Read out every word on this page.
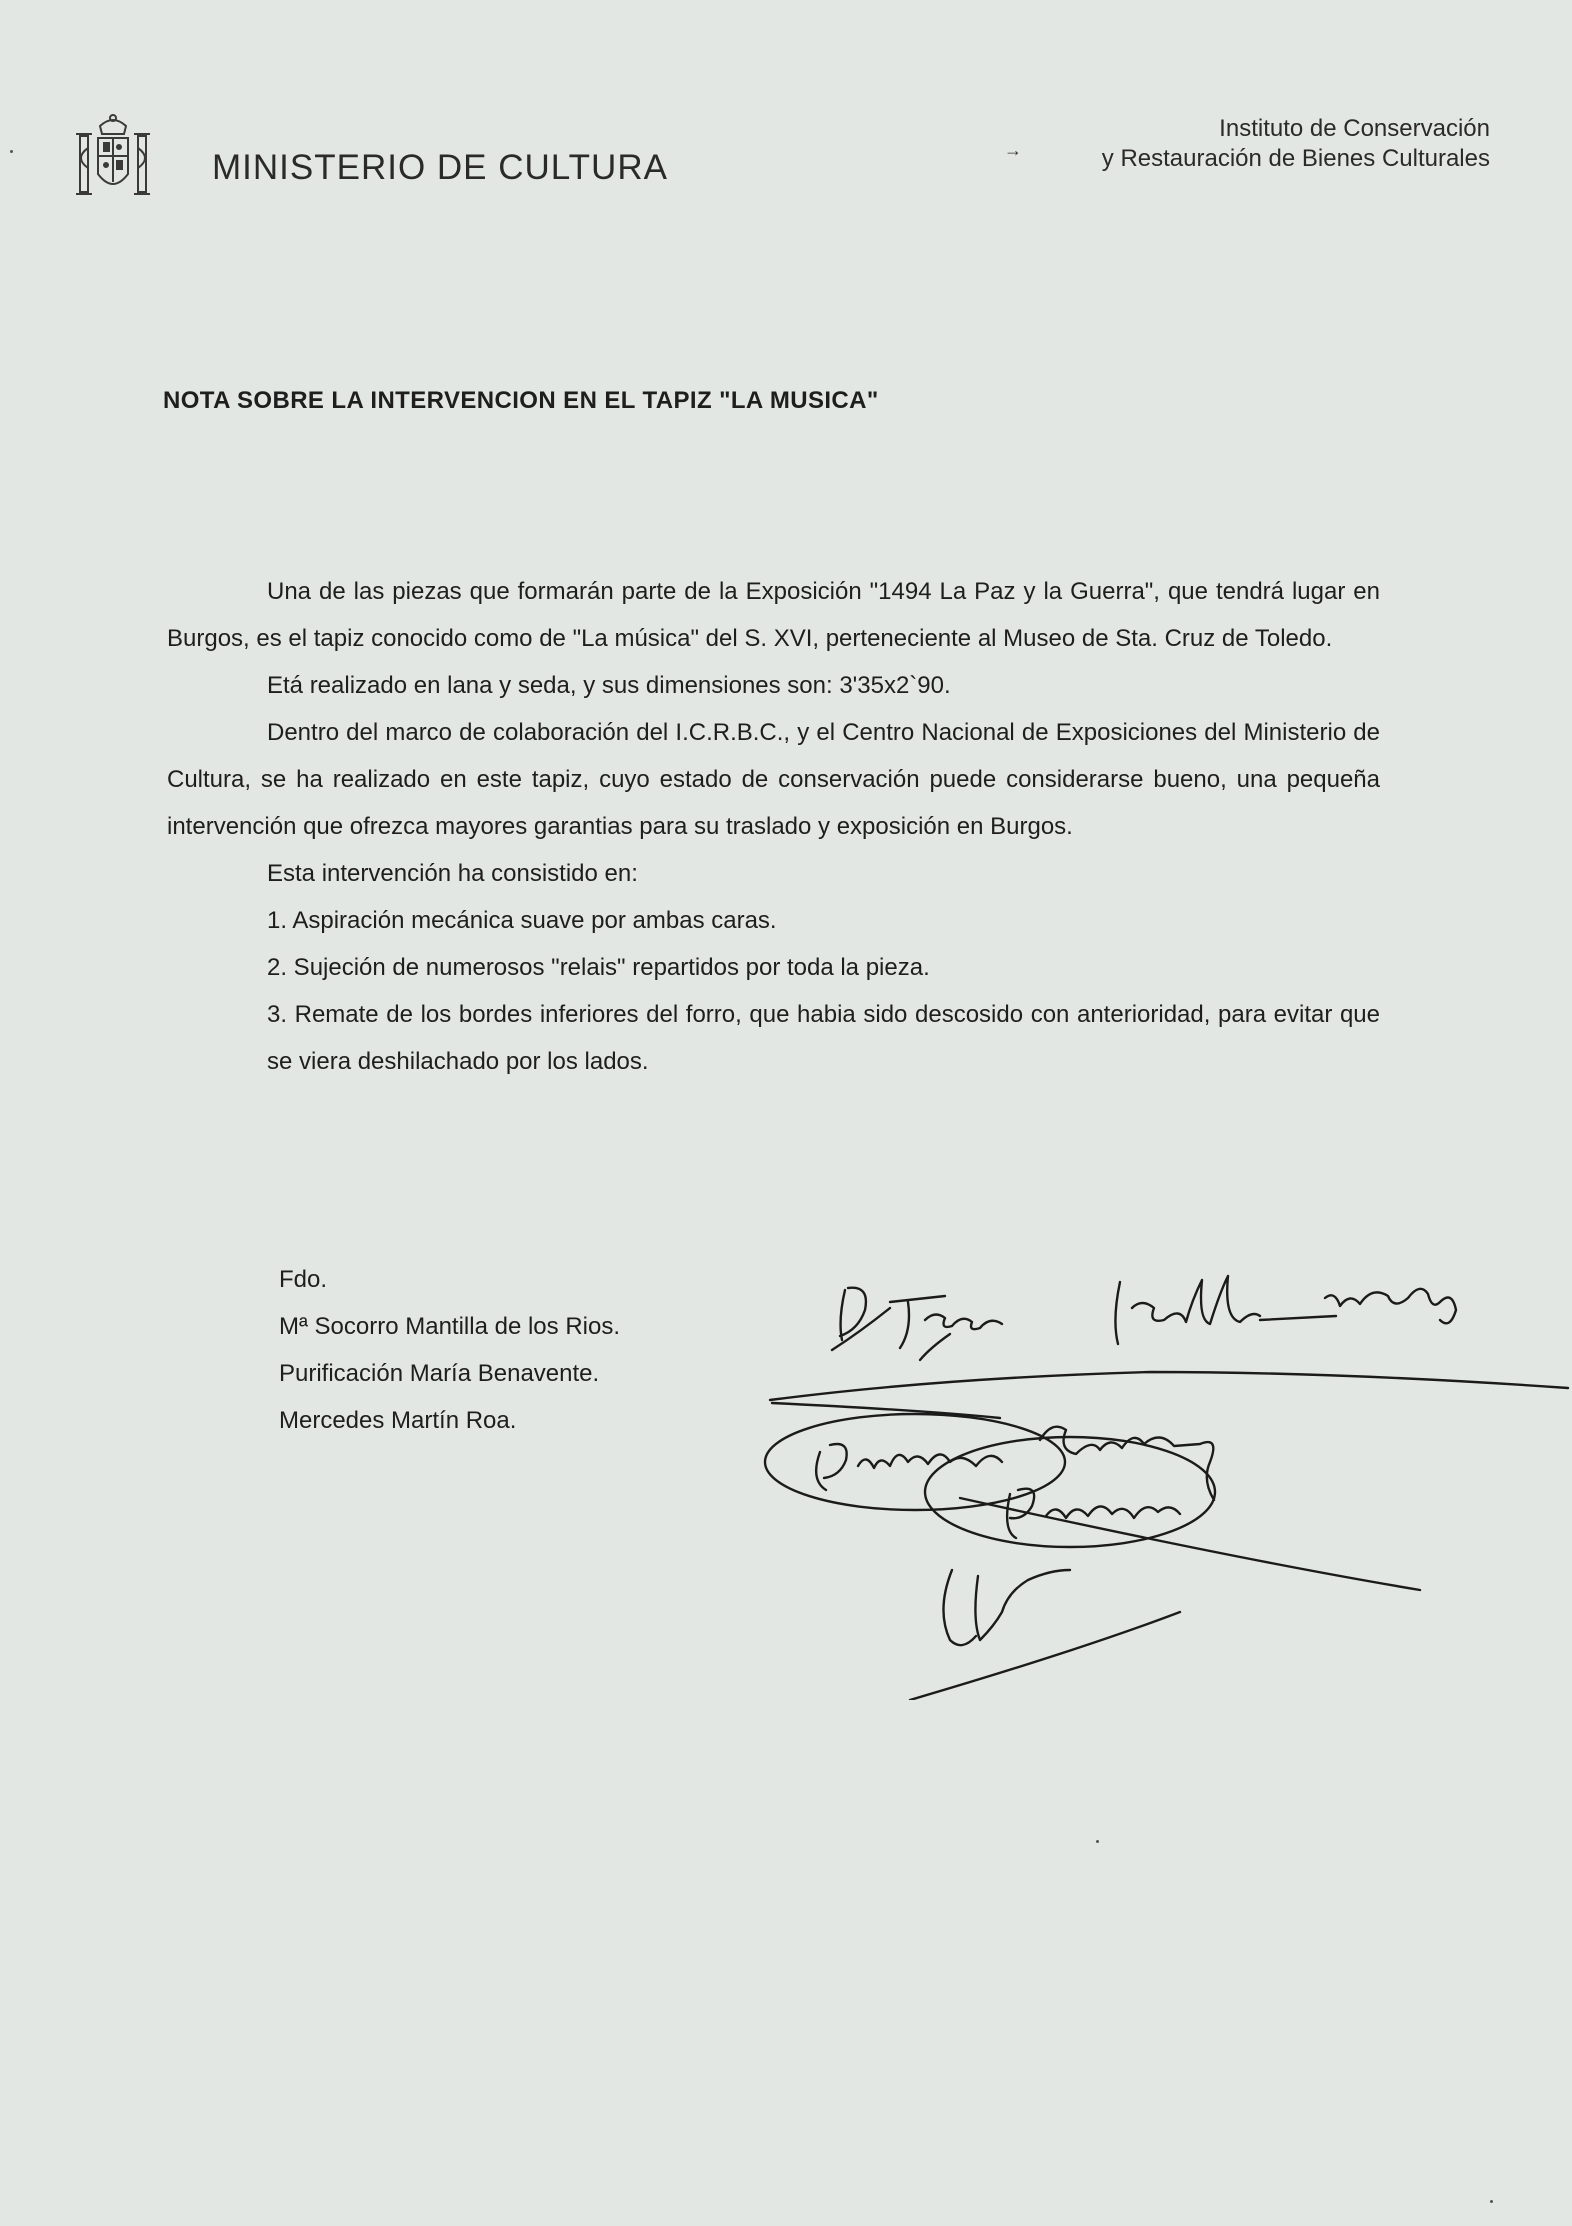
MINISTERIO DE CULTURA	→
Instituto de Conservación
y Restauración de Bienes Culturales
NOTA SOBRE LA INTERVENCION EN EL TAPIZ "LA MUSICA"

Una de las piezas que formarán parte de la Exposición "1494 La Paz y la Guerra", que tendrá lugar en Burgos, es el tapiz conocido como de "La música" del S. XVI, perteneciente al Museo de Sta. Cruz de Toledo.

Etá realizado en lana y seda, y sus dimensiones son: 3'35x2`90.

Dentro del marco de colaboración del I.C.R.B.C., y el Centro Nacional de Exposiciones del Ministerio de Cultura, se ha realizado en este tapiz, cuyo estado de conservación puede considerarse bueno, una pequeña intervención que ofrezca mayores garantias para su traslado y exposición en Burgos.

Esta intervención ha consistido en:

1. Aspiración mecánica suave por ambas caras.

2. Sujeción de numerosos "relais" repartidos por toda la pieza.

3. Remate de los bordes inferiores del forro, que habia sido descosido con anterioridad, para evitar que se viera deshilachado por los lados.

Fdo.
Mª Socorro Mantilla de los Rios.
Purificación María Benavente.
Mercedes Martín Roa.
